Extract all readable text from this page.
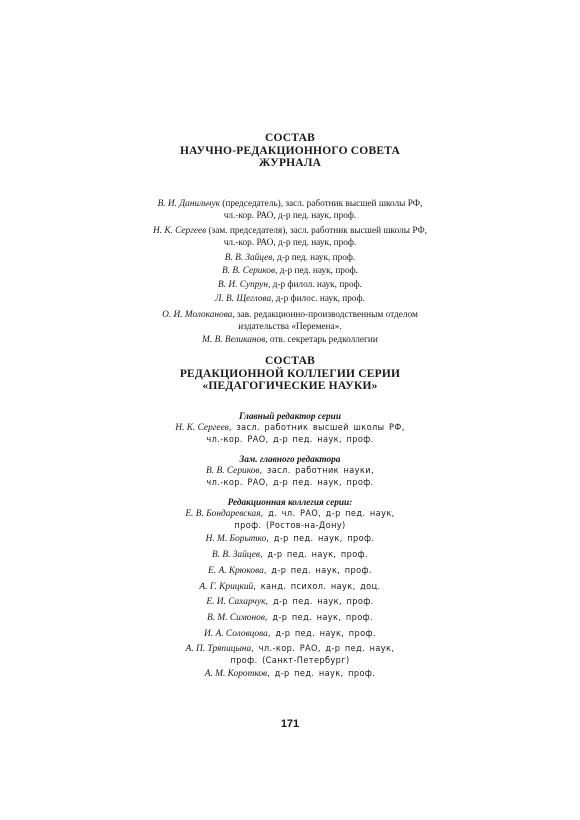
СОСТАВ
НАУЧНО-РЕДАКЦИОННОГО СОВЕТА
ЖУРНАЛА
В. И. Данильчук (председатель), засл. работник высшей школы РФ,
чл.-кор. РАО, д-р пед. наук, проф.
Н. К. Сергеев (зам. председателя), засл. работник высшей школы РФ,
чл.-кор. РАО, д-р пед. наук, проф.
В. В. Зайцев, д-р пед. наук, проф.
В. В. Сериков, д-р пед. наук, проф.
В. И. Супрун, д-р филол. наук, проф.
Л. В. Щеглова, д-р филос. наук, проф.
О. И. Молоканова, зав. редакционно-производственным отделом
издательства «Перемена».
М. В. Великанов, отв. секретарь редколлегии
СОСТАВ
РЕДАКЦИОННОЙ КОЛЛЕГИИ СЕРИИ
«ПЕДАГОГИЧЕСКИЕ НАУКИ»
Главный редактор серии
Н. К. Сергеев, засл. работник высшей школы РФ,
чл.-кор. РАО, д-р пед. наук, проф.
Зам. главного редактора
В. В. Сериков, засл. работник науки,
чл.-кор. РАО, д-р пед. наук, проф.
Редакционная коллегия серии:
Е. В. Бондаревская, д. чл. РАО, д-р пед. наук,
проф. (Ростов-на-Дону)
Н. М. Борытко, д-р пед. наук, проф.
В. В. Зайцев, д-р пед. наук, проф.
Е. А. Крюкова, д-р пед. наук, проф.
А. Г. Крицкий, канд. психол. наук, доц.
Е. И. Сахарчук, д-р пед. наук, проф.
В. М. Симонов, д-р пед. наук, проф.
И. А. Соловцова, д-р пед. наук, проф.
А. П. Тряпицына, чл.-кор. РАО, д-р пед. наук,
проф. (Санкт-Петербург)
А. М. Коротков, д-р пед. наук, проф.
171
